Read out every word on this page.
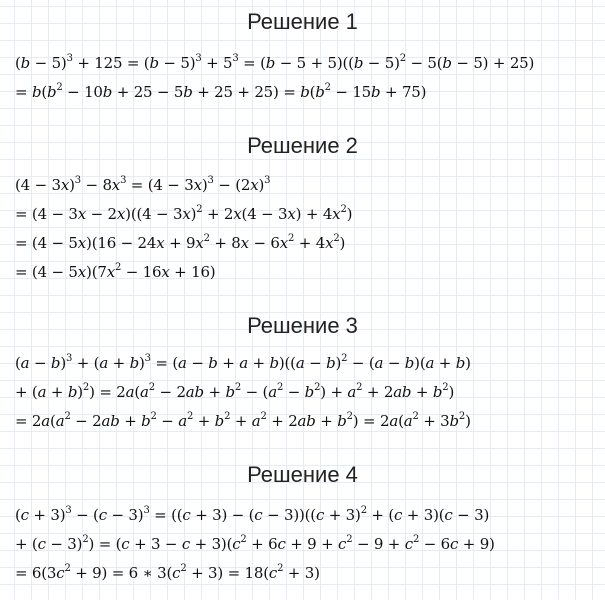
Решение 1
$(b - 5)^3 + 125 = (b - 5)^3 + 5^3 = (b - 5 + 5)((b - 5)^2 - 5(b - 5) + 25)$
= $b(b^2 - 10b + 25 - 5b + 25 + 25) = b(b^2 - 15b + 75)$
Решение 2
$(4 - 3x)^3 - 8x^3 = (4 - 3x)^3 - (2x)^3$
= $(4 - 3x - 2x)((4 - 3x)^2 + 2x(4 - 3x) + 4x^2)$
= $(4 - 5x)(16 - 24x + 9x^2 + 8x - 6x^2 + 4x^2)$
= $(4 - 5x)(7x^2 - 16x + 16)$
Решение 3
$(a - b)^3 + (a + b)^3 = (a - b + a + b)((a - b)^2 - (a - b)(a + b)$
+ $(a + b)^2) = 2a(a^2 - 2ab + b^2 - (a^2 - b^2) + a^2 + 2ab + b^2)$
= $2a(a^2 - 2ab + b^2 - a^2 + b^2 + a^2 + 2ab + b^2) = 2a(a^2 + 3b^2)$
Решение 4
$(c + 3)^3 - (c - 3)^3 = ((c + 3) - (c - 3))((c + 3)^2 + (c + 3)(c - 3)$
+ $(c - 3)^2) = (c + 3 - c + 3)(c^2 + 6c + 9 + c^2 - 9 + c^2 - 6c + 9)$
= $6(3c^2 + 9) = 6$ ∗ $3(c^2 + 3) = 18(c^2 + 3)$
